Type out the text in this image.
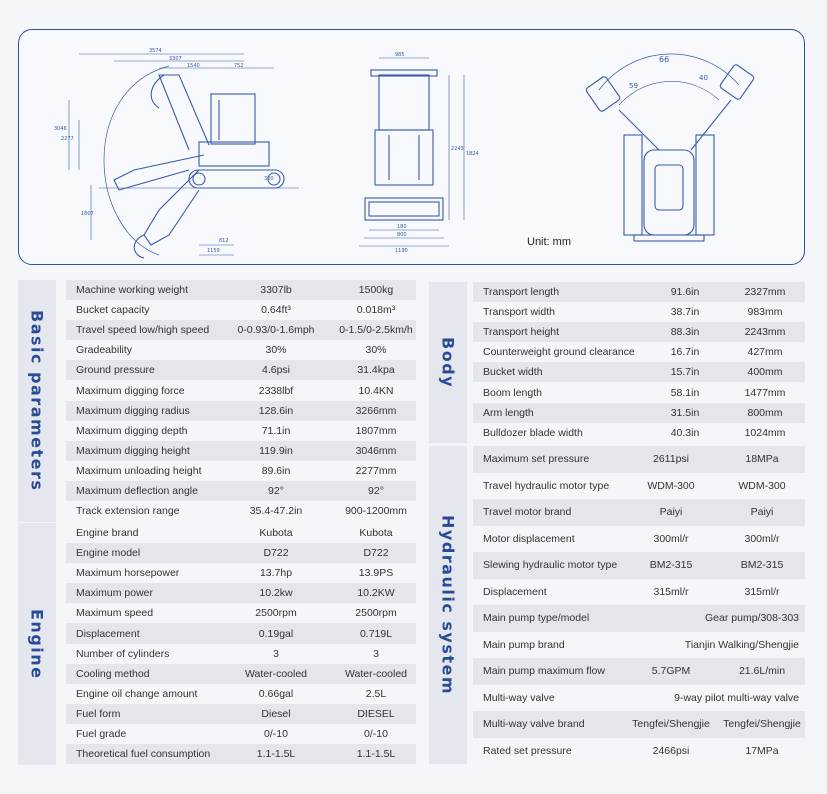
3574
3307
1540	752
3046
2277
1807
1159
300
812
985
2243
1824
180
800
1190
66
59
40
Unit: mm
Basic parameters
Machine working weight	3307lb	1500kg
Bucket capacity	0.64ft³	0.018m³
Travel speed low/high speed	0-0.93/0-1.6mph	0-1.5/0-2.5km/h
Gradeability	30%	30%
Ground pressure	4.6psi	31.4kpa
Maximum digging force	2338lbf	10.4KN
Maximum digging radius	128.6in	3266mm
Maximum digging depth	71.1in	1807mm
Maximum digging height	119.9in	3046mm
Maximum unloading height	89.6in	2277mm
Maximum deflection angle	92°	92°
Track extension range	35.4-47.2in	900-1200mm
Engine
Engine brand	Kubota	Kubota
Engine model	D722	D722
Maximum horsepower	13.7hp	13.9PS
Maximum power	10.2kw	10.2KW
Maximum speed	2500rpm	2500rpm
Displacement	0.19gal	0.719L
Number of cylinders	3	3
Cooling method	Water-cooled	Water-cooled
Engine oil change amount	0.66gal	2.5L
Fuel form	Diesel	DIESEL
Fuel grade	0/-10	0/-10
Theoretical fuel consumption	1.1-1.5L	1.1-1.5L
Body
Transport length	91.6in	2327mm
Transport width	38.7in	983mm
Transport height	88.3in	2243mm
Counterweight ground clearance	16.7in	427mm
Bucket width	15.7in	400mm
Boom length	58.1in	1477mm
Arm length	31.5in	800mm
Bulldozer blade width	40.3in	1024mm
Hydraulic system
Maximum set pressure	2611psi	18MPa
Travel hydraulic motor type	WDM-300	WDM-300
Travel motor brand	Paiyi	Paiyi
Motor displacement	300ml/r	300ml/r
Slewing hydraulic motor type	BM2-315	BM2-315
Displacement	315ml/r	315ml/r
Main pump type/model	Gear pump/308-303
Main pump brand	Tianjin Walking/Shengjie
Main pump maximum flow	5.7GPM	21.6L/min
Multi-way valve	9-way pilot multi-way valve
Multi-way valve brand	Tengfei/Shengjie	Tengfei/Shengjie
Rated set pressure	2466psi	17MPa
